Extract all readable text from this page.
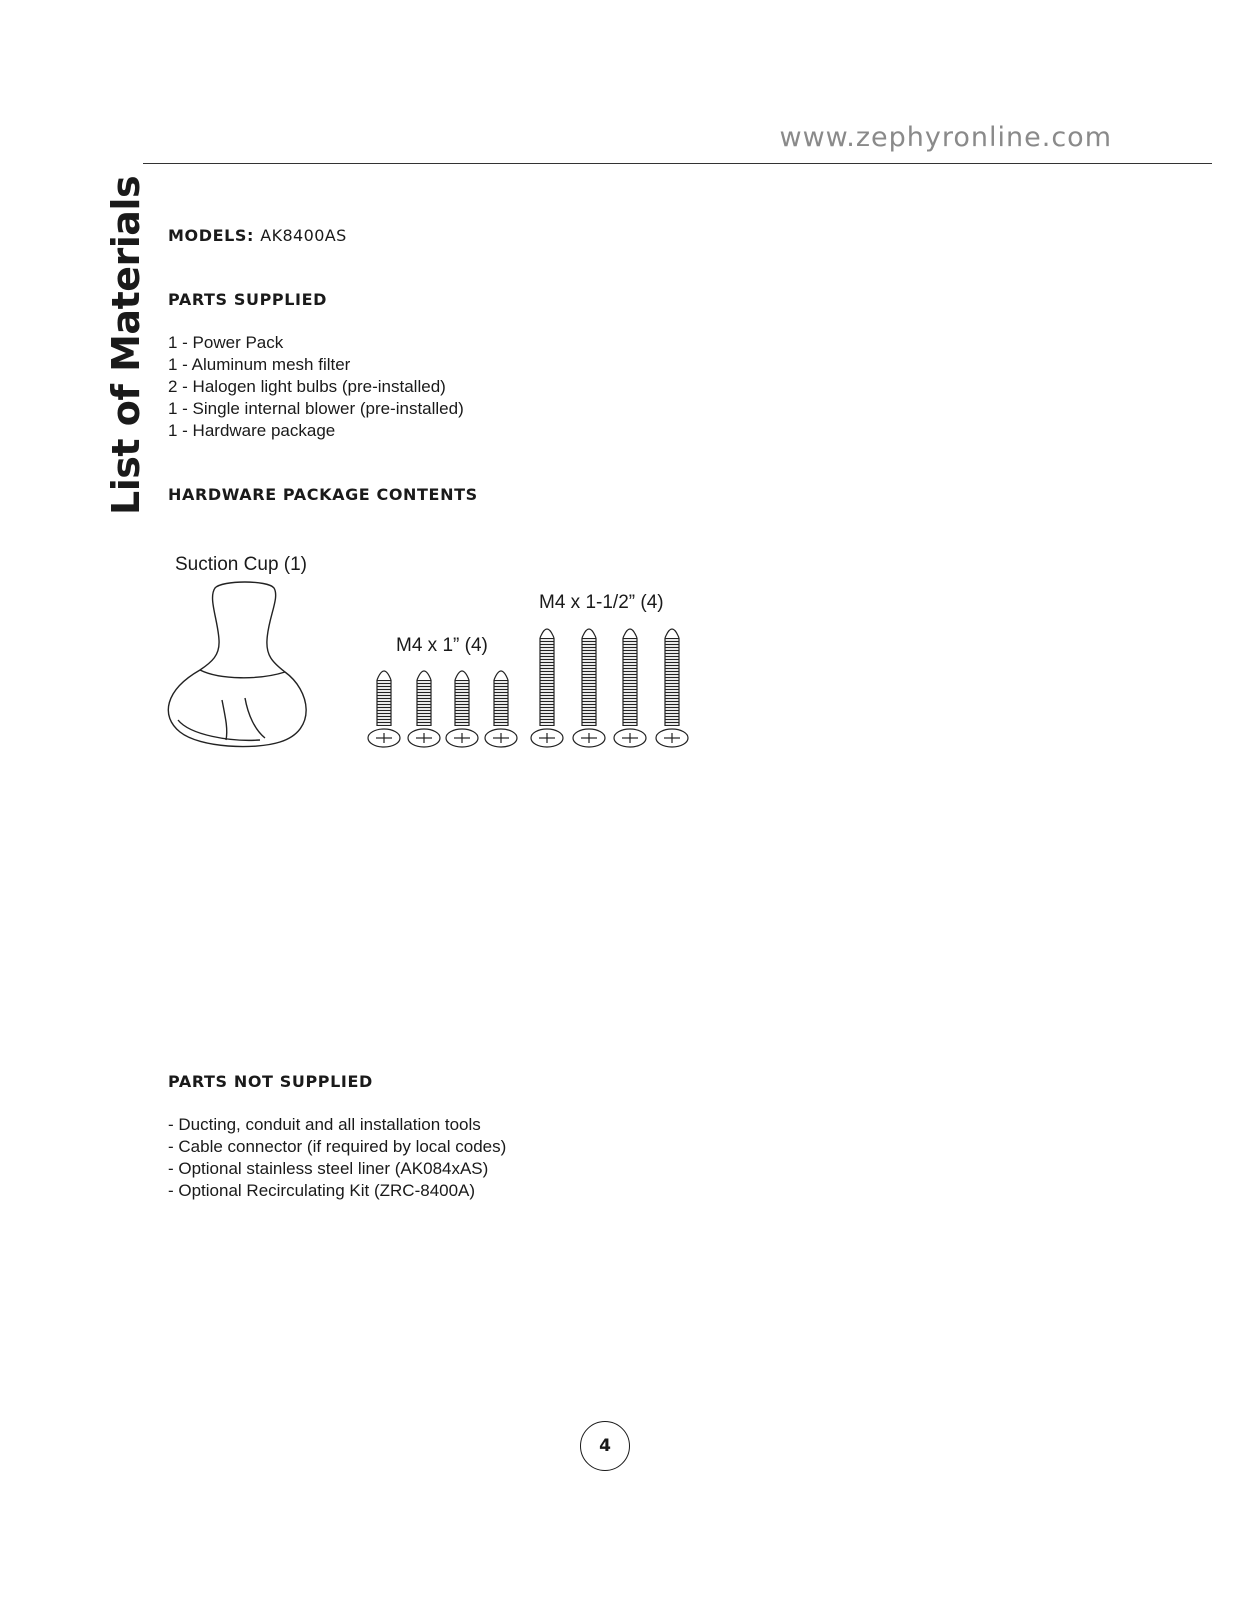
www.zephyronline.com
List of Materials MODELS: AK8400AS
PARTS SUPPLIED
1 - Power Pack
1 - Aluminum mesh filter
2 - Halogen light bulbs (pre-installed)
1 - Single internal blower (pre-installed)
1 - Hardware package
HARDWARE PACKAGE CONTENTS
Suction Cup (1)
M4 x 1” (4)
M4 x 1-1/2” (4)
PARTS NOT SUPPLIED
- Ducting, conduit and all installation tools
- Cable connector (if required by local codes)
- Optional stainless steel liner (AK084xAS)
- Optional Recirculating Kit (ZRC-8400A)
4
